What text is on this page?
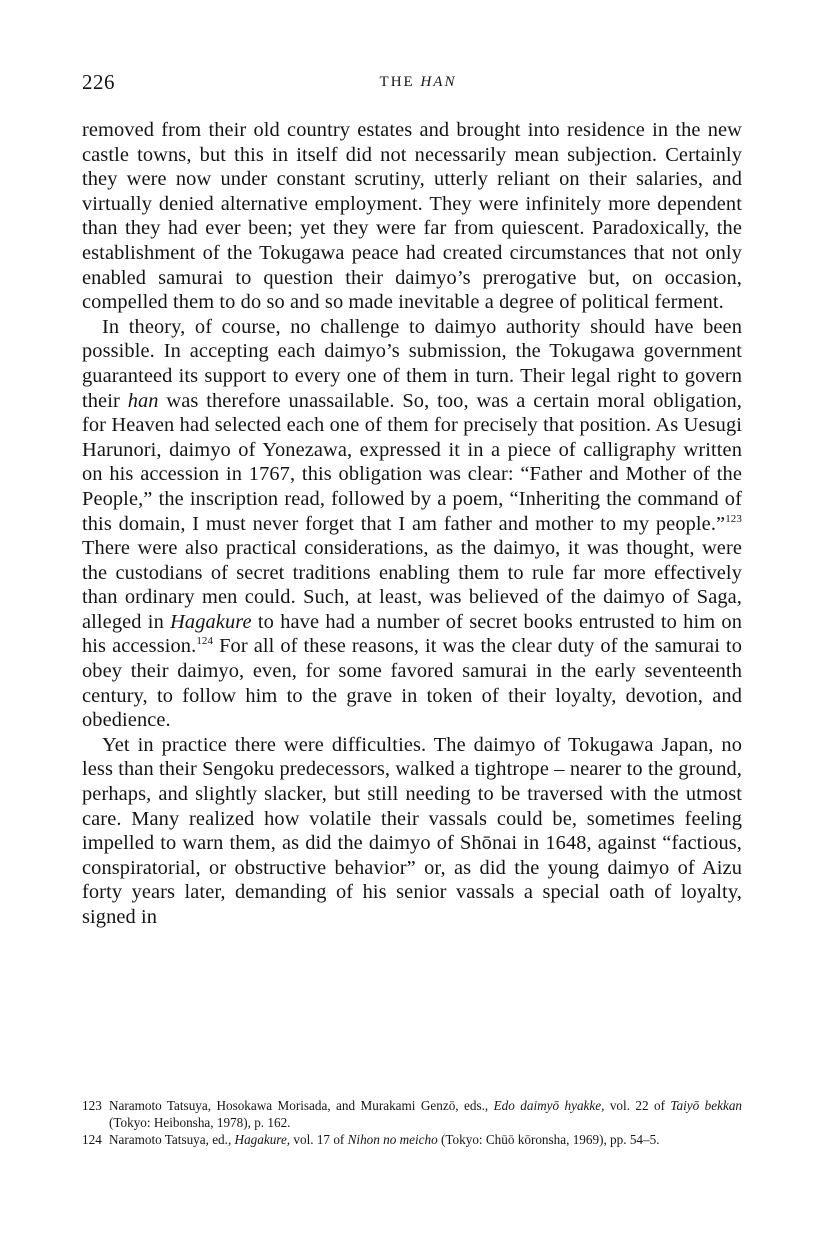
226	THE HAN

removed from their old country estates and brought into residence in the new castle towns, but this in itself did not necessarily mean subjection. Certainly they were now under constant scrutiny, utterly reliant on their salaries, and virtually denied alternative employment. They were infinitely more dependent than they had ever been; yet they were far from quiescent. Paradoxically, the establishment of the Tokugawa peace had created circumstances that not only enabled samurai to question their daimyo’s prerogative but, on occasion, compelled them to do so and so made inevitable a degree of political ferment.

In theory, of course, no challenge to daimyo authority should have been possible. In accepting each daimyo’s submission, the Tokugawa government guaranteed its support to every one of them in turn. Their legal right to govern their han was therefore unassailable. So, too, was a certain moral obligation, for Heaven had selected each one of them for precisely that position. As Uesugi Harunori, daimyo of Yonezawa, expressed it in a piece of calligraphy written on his accession in 1767, this obligation was clear: “Father and Mother of the People,” the inscription read, followed by a poem, “Inheriting the command of this domain, I must never forget that I am father and mother to my people.”$^{123}$ There were also practical considerations, as the daimyo, it was thought, were the custodians of secret traditions enabling them to rule far more effectively than ordinary men could. Such, at least, was believed of the daimyo of Saga, alleged in Hagakure to have had a number of secret books entrusted to him on his accession.$^{124}$ For all of these reasons, it was the clear duty of the samurai to obey their daimyo, even, for some favored samurai in the early seventeenth century, to follow him to the grave in token of their loyalty, devotion, and obedience.

Yet in practice there were difficulties. The daimyo of Tokugawa Japan, no less than their Sengoku predecessors, walked a tightrope – nearer to the ground, perhaps, and slightly slacker, but still needing to be traversed with the utmost care. Many realized how volatile their vassals could be, sometimes feeling impelled to warn them, as did the daimyo of Shōnai in 1648, against “factious, conspiratorial, or obstructive behavior” or, as did the young daimyo of Aizu forty years later, demanding of his senior vassals a special oath of loyalty, signed in

123 Naramoto Tatsuya, Hosokawa Morisada, and Murakami Genzō, eds., Edo daimyō hyakke, vol. 22 of Taiyō bekkan (Tokyo: Heibonsha, 1978), p. 162.
124 Naramoto Tatsuya, ed., Hagakure, vol. 17 of Nihon no meicho (Tokyo: Chūō kōronsha, 1969), pp. 54–5.
